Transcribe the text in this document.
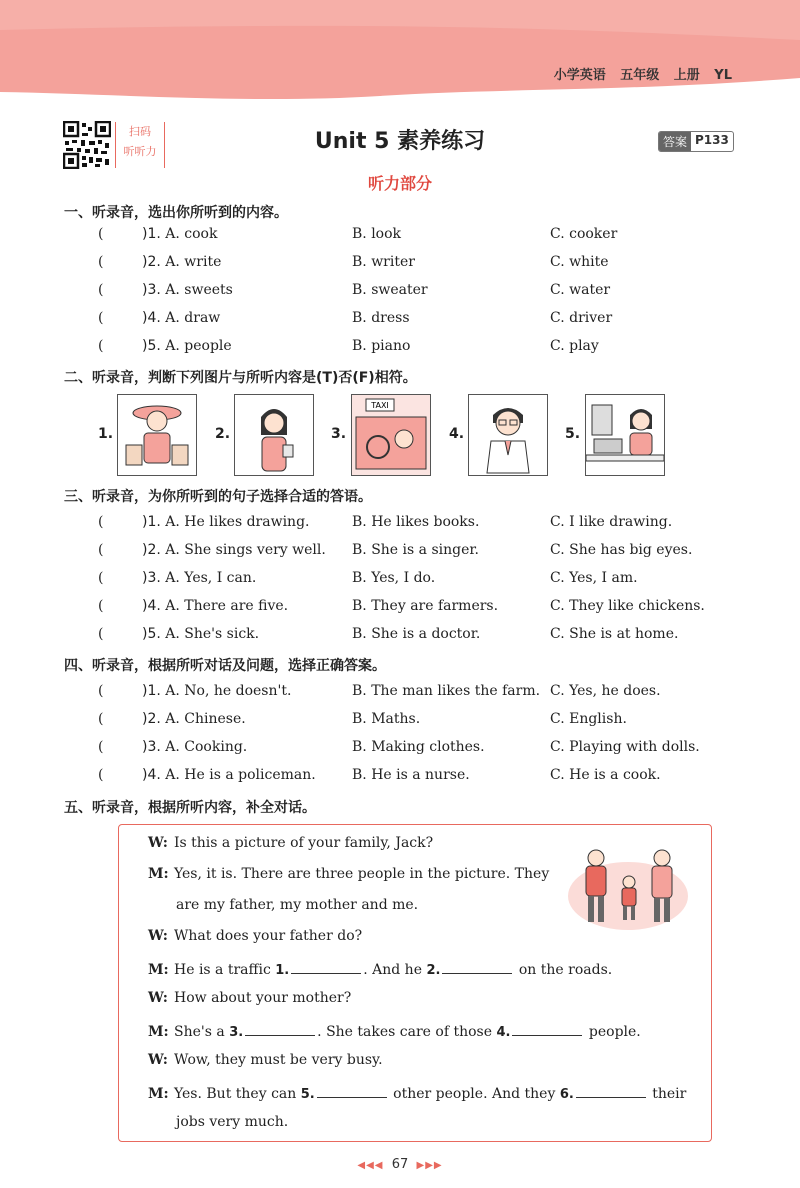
小学英语 五年级 上册 YL
扫码
听听力	Unit 5 素养练习	答案 P133
听力部分
一、听录音，选出你所听到的内容。
(	)1. A. cook	B. look	C. cooker
(	)2. A. write	B. writer	C. white
(	)3. A. sweets	B. sweater	C. water
(	)4. A. draw	B. dress	C. driver
(	)5. A. people	B. piano	C. play
二、听录音，判断下列图片与所听内容是(T)否(F)相符。
1.	2.	3.
TAXI
4.	5.
三、听录音，为你所听到的句子选择合适的答语。
(	)1. A. He likes drawing.	B. He likes books.	C. I like drawing.
(	)2. A. She sings very well. B. She is a singer.	C. She has big eyes.
(	)3. A. Yes, I can.	B. Yes, I do.	C. Yes, I am.
(	)4. A. There are five.	B. They are farmers.	C. They like chickens.
(	)5. A. She's sick.	B. She is a doctor.	C. She is at home.
四、听录音，根据所听对话及问题，选择正确答案。
(	)1. A. No, he doesn't.	B. The man likes the farm. C. Yes, he does.
(	)2. A. Chinese.	B. Maths.	C. English.
(	)3. A. Cooking.	B. Making clothes.	C. Playing with dolls.
(	)4. A. He is a policeman.	B. He is a nurse.	C. He is a cook.
五、听录音，根据所听内容，补全对话。
W: Is this a picture of your family, Jack?
M: Yes, it is. There are three people in the picture. They
are my father, my mother and me.
W: What does your father do?
M: He is a traffic 1.	. And he 2.	on the roads.
W: How about your mother?
M: She's a 3.	. She takes care of those 4.	people.
W: Wow, they must be very busy.
M: Yes. But they can 5.	other people. And they 6.	their
jobs very much.
◀◀◀ 67 ▶▶▶
